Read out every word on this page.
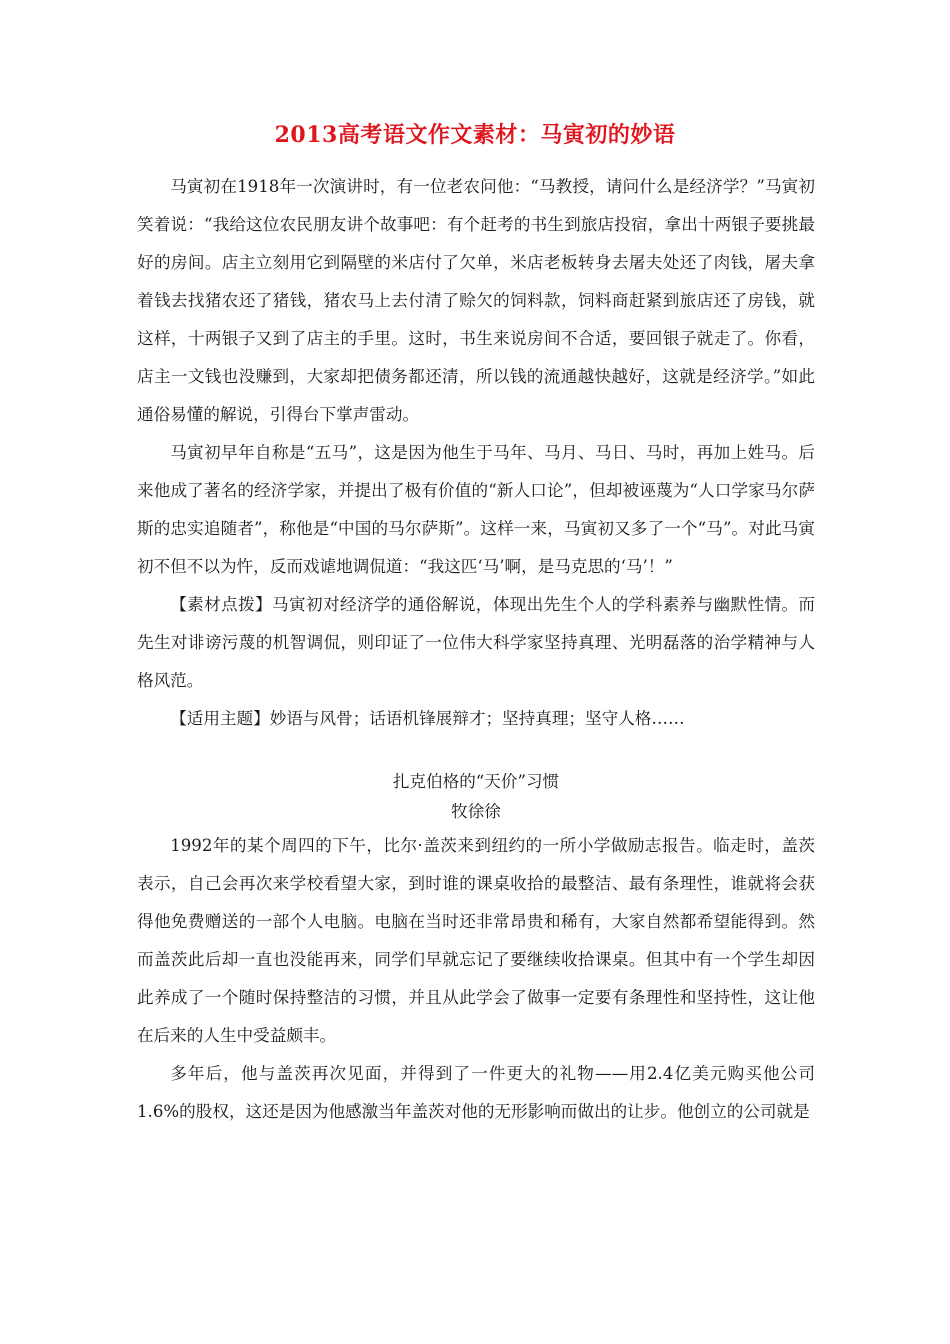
2013高考语文作文素材：马寅初的妙语

马寅初在1918年一次演讲时，有一位老农问他：“马教授，请问什么是经济学？”马寅初笑着说：“我给这位农民朋友讲个故事吧：有个赶考的书生到旅店投宿，拿出十两银子要挑最好的房间。店主立刻用它到隔壁的米店付了欠单，米店老板转身去屠夫处还了肉钱，屠夫拿着钱去找猪农还了猪钱，猪农马上去付清了赊欠的饲料款，饲料商赶紧到旅店还了房钱，就这样，十两银子又到了店主的手里。这时，书生来说房间不合适，要回银子就走了。你看，店主一文钱也没赚到，大家却把债务都还清，所以钱的流通越快越好，这就是经济学。”如此通俗易懂的解说，引得台下掌声雷动。

马寅初早年自称是“五马”，这是因为他生于马年、马月、马日、马时，再加上姓马。后来他成了著名的经济学家，并提出了极有价值的“新人口论”，但却被诬蔑为“人口学家马尔萨斯的忠实追随者”，称他是“中国的马尔萨斯”。这样一来，马寅初又多了一个“马”。对此马寅初不但不以为忤，反而戏谑地调侃道：“我这匹‘马’啊，是马克思的‘马’！”

【素材点拨】马寅初对经济学的通俗解说，体现出先生个人的学科素养与幽默性情。而先生对诽谤污蔑的机智调侃，则印证了一位伟大科学家坚持真理、光明磊落的治学精神与人格风范。

【适用主题】妙语与风骨；话语机锋展辩才；坚持真理；坚守人格……

扎克伯格的“天价”习惯

牧徐徐

1992年的某个周四的下午，比尔·盖茨来到纽约的一所小学做励志报告。临走时，盖茨表示，自己会再次来学校看望大家，到时谁的课桌收拾的最整洁、最有条理性，谁就将会获得他免费赠送的一部个人电脑。电脑在当时还非常昂贵和稀有，大家自然都希望能得到。然而盖茨此后却一直也没能再来，同学们早就忘记了要继续收拾课桌。但其中有一个学生却因此养成了一个随时保持整洁的习惯，并且从此学会了做事一定要有条理性和坚持性，这让他在后来的人生中受益颇丰。

多年后，他与盖茨再次见面，并得到了一件更大的礼物——用2.4亿美元购买他公司1.6%的股权，这还是因为他感激当年盖茨对他的无形影响而做出的让步。他创立的公司就是
